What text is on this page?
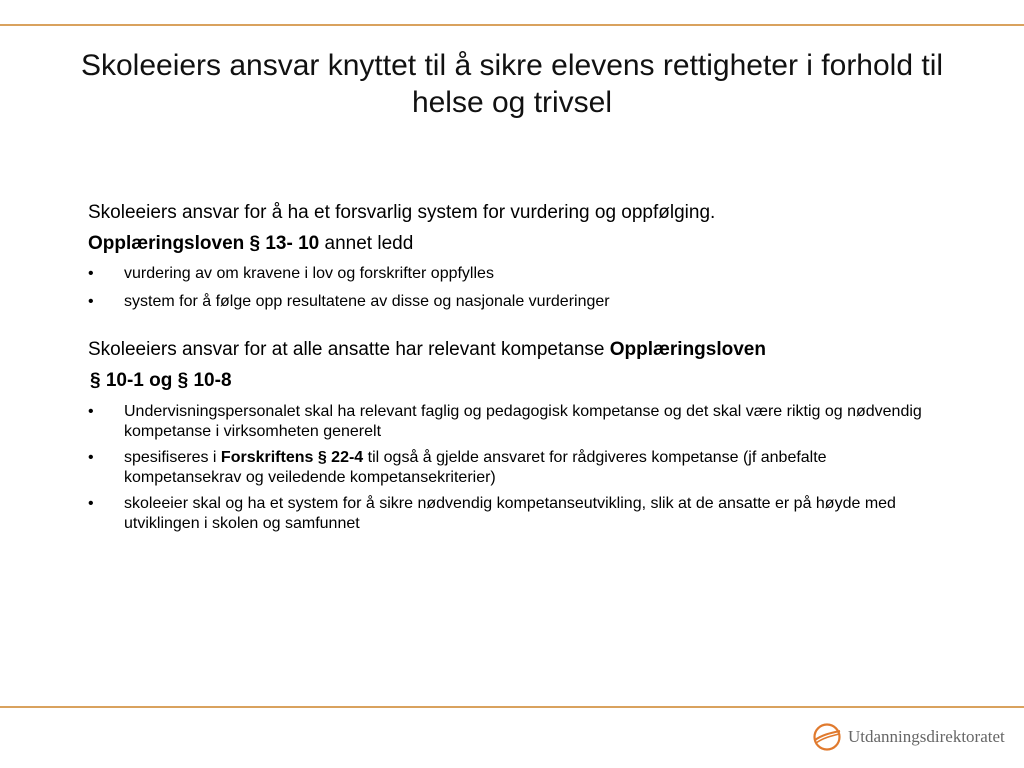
Skoleeiers ansvar knyttet til å sikre elevens rettigheter i forhold til helse og trivsel
Skoleeiers ansvar for å ha et forsvarlig system for vurdering og oppfølging.
Opplæringsloven § 13- 10 annet ledd
•	vurdering av om kravene i lov og forskrifter oppfylles
•	system for å følge opp resultatene av disse og nasjonale vurderinger
Skoleeiers ansvar for at alle ansatte har relevant kompetanse Opplæringsloven
§ 10-1 og § 10-8
•	Undervisningspersonalet skal ha relevant faglig og pedagogisk kompetanse og det skal være riktig og nødvendig kompetanse i virksomheten generelt
•	spesifiseres i Forskriftens § 22-4 til også å gjelde ansvaret for rådgiveres kompetanse (jf anbefalte kompetansekrav og veiledende kompetansekriterier)
•	skoleeier skal og ha et system for å sikre nødvendig kompetanseutvikling, slik at de ansatte er på høyde med utviklingen i skolen og samfunnet
Utdanningsdirektoratet
